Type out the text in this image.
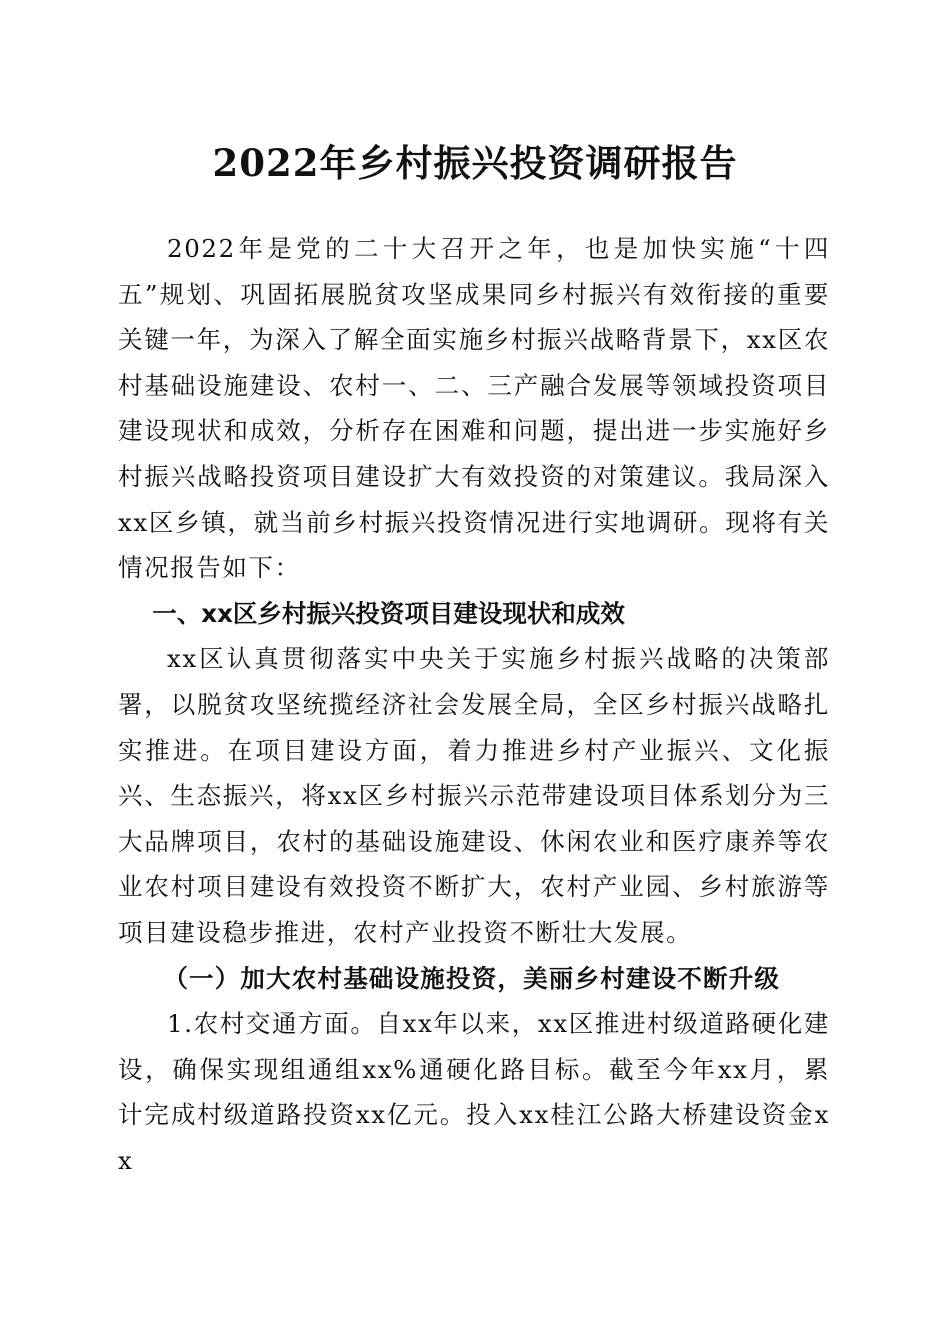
2022年乡村振兴投资调研报告

2022年是党的二十大召开之年，也是加快实施“十四五”规划、巩固拓展脱贫攻坚成果同乡村振兴有效衔接的重要关键一年，为深入了解全面实施乡村振兴战略背景下，xx区农村基础设施建设、农村一、二、三产融合发展等领域投资项目建设现状和成效，分析存在困难和问题，提出进一步实施好乡村振兴战略投资项目建设扩大有效投资的对策建议。我局深入xx区乡镇，就当前乡村振兴投资情况进行实地调研。现将有关情况报告如下：

一、xx区乡村振兴投资项目建设现状和成效

xx区认真贯彻落实中央关于实施乡村振兴战略的决策部署，以脱贫攻坚统揽经济社会发展全局，全区乡村振兴战略扎实推进。在项目建设方面，着力推进乡村产业振兴、文化振兴、生态振兴，将xx区乡村振兴示范带建设项目体系划分为三大品牌项目，农村的基础设施建设、休闲农业和医疗康养等农业农村项目建设有效投资不断扩大，农村产业园、乡村旅游等项目建设稳步推进，农村产业投资不断壮大发展。

（一）加大农村基础设施投资，美丽乡村建设不断升级

1.农村交通方面。自xx年以来，xx区推进村级道路硬化建设，确保实现组通组xx%通硬化路目标。截至今年xx月，累计完成村级道路投资xx亿元。投入xx桂江公路大桥建设资金xx
